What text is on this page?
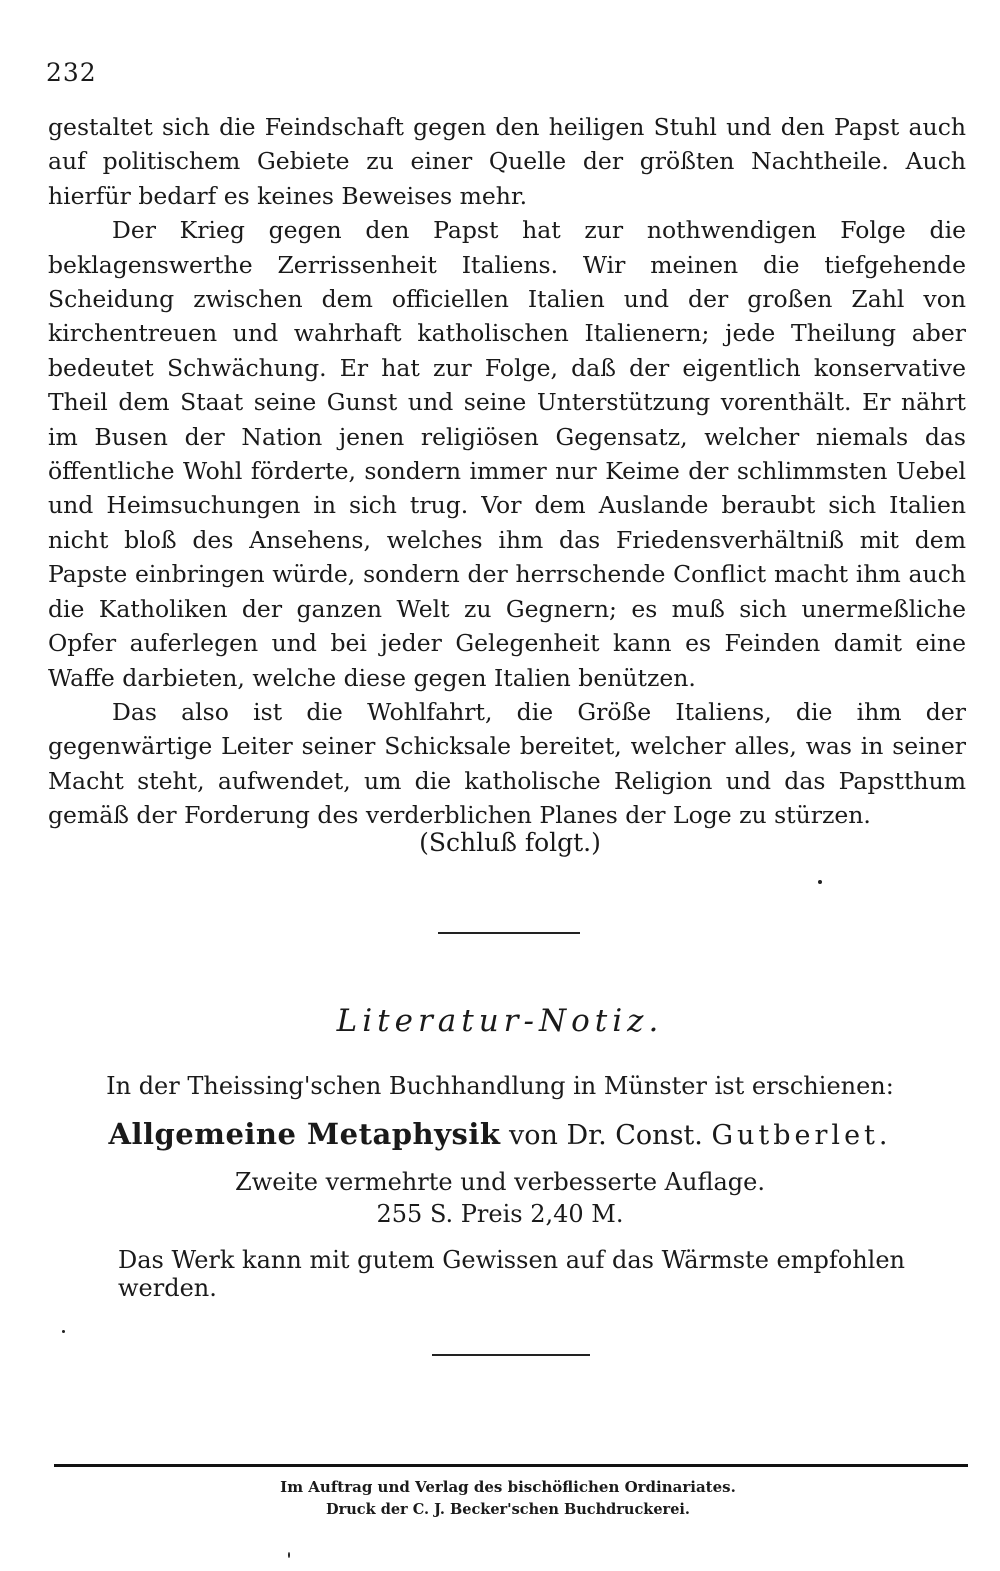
232

gestaltet sich die Feindschaft gegen den heiligen Stuhl und den Papst auch auf politischem Gebiete zu einer Quelle der größten Nachtheile. Auch hierfür bedarf es keines Beweises mehr.

Der Krieg gegen den Papst hat zur nothwendigen Folge die beklagenswerthe Zerrissenheit Italiens. Wir meinen die tiefgehende Scheidung zwischen dem officiellen Italien und der großen Zahl von kirchentreuen und wahrhaft katholischen Italienern; jede Theilung aber bedeutet Schwächung. Er hat zur Folge, daß der eigentlich konservative Theil dem Staat seine Gunst und seine Unterstützung vorenthält. Er nährt im Busen der Nation jenen religiösen Gegensatz, welcher niemals das öffentliche Wohl förderte, sondern immer nur Keime der schlimmsten Uebel und Heimsuchungen in sich trug. Vor dem Auslande beraubt sich Italien nicht bloß des Ansehens, welches ihm das Friedensverhältniß mit dem Papste einbringen würde, sondern der herrschende Conflict macht ihm auch die Katholiken der ganzen Welt zu Gegnern; es muß sich unermeßliche Opfer auferlegen und bei jeder Gelegenheit kann es Feinden damit eine Waffe darbieten, welche diese gegen Italien benützen.

Das also ist die Wohlfahrt, die Größe Italiens, die ihm der gegenwärtige Leiter seiner Schicksale bereitet, welcher alles, was in seiner Macht steht, aufwendet, um die katholische Religion und das Papstthum gemäß der Forderung des verderblichen Planes der Loge zu stürzen.

(Schluß folgt.)
Literatur-Notiz.
In der Theissing'schen Buchhandlung in Münster ist erschienen:
Allgemeine Metaphysik von Dr. Const. Gutberlet.
Zweite vermehrte und verbesserte Auflage.
255 S. Preis 2,40 M.
Das Werk kann mit gutem Gewissen auf das Wärmste empfohlen werden.
Im Auftrag und Verlag des bischöflichen Ordinariates.
Druck der C. J. Becker'schen Buchdruckerei.
